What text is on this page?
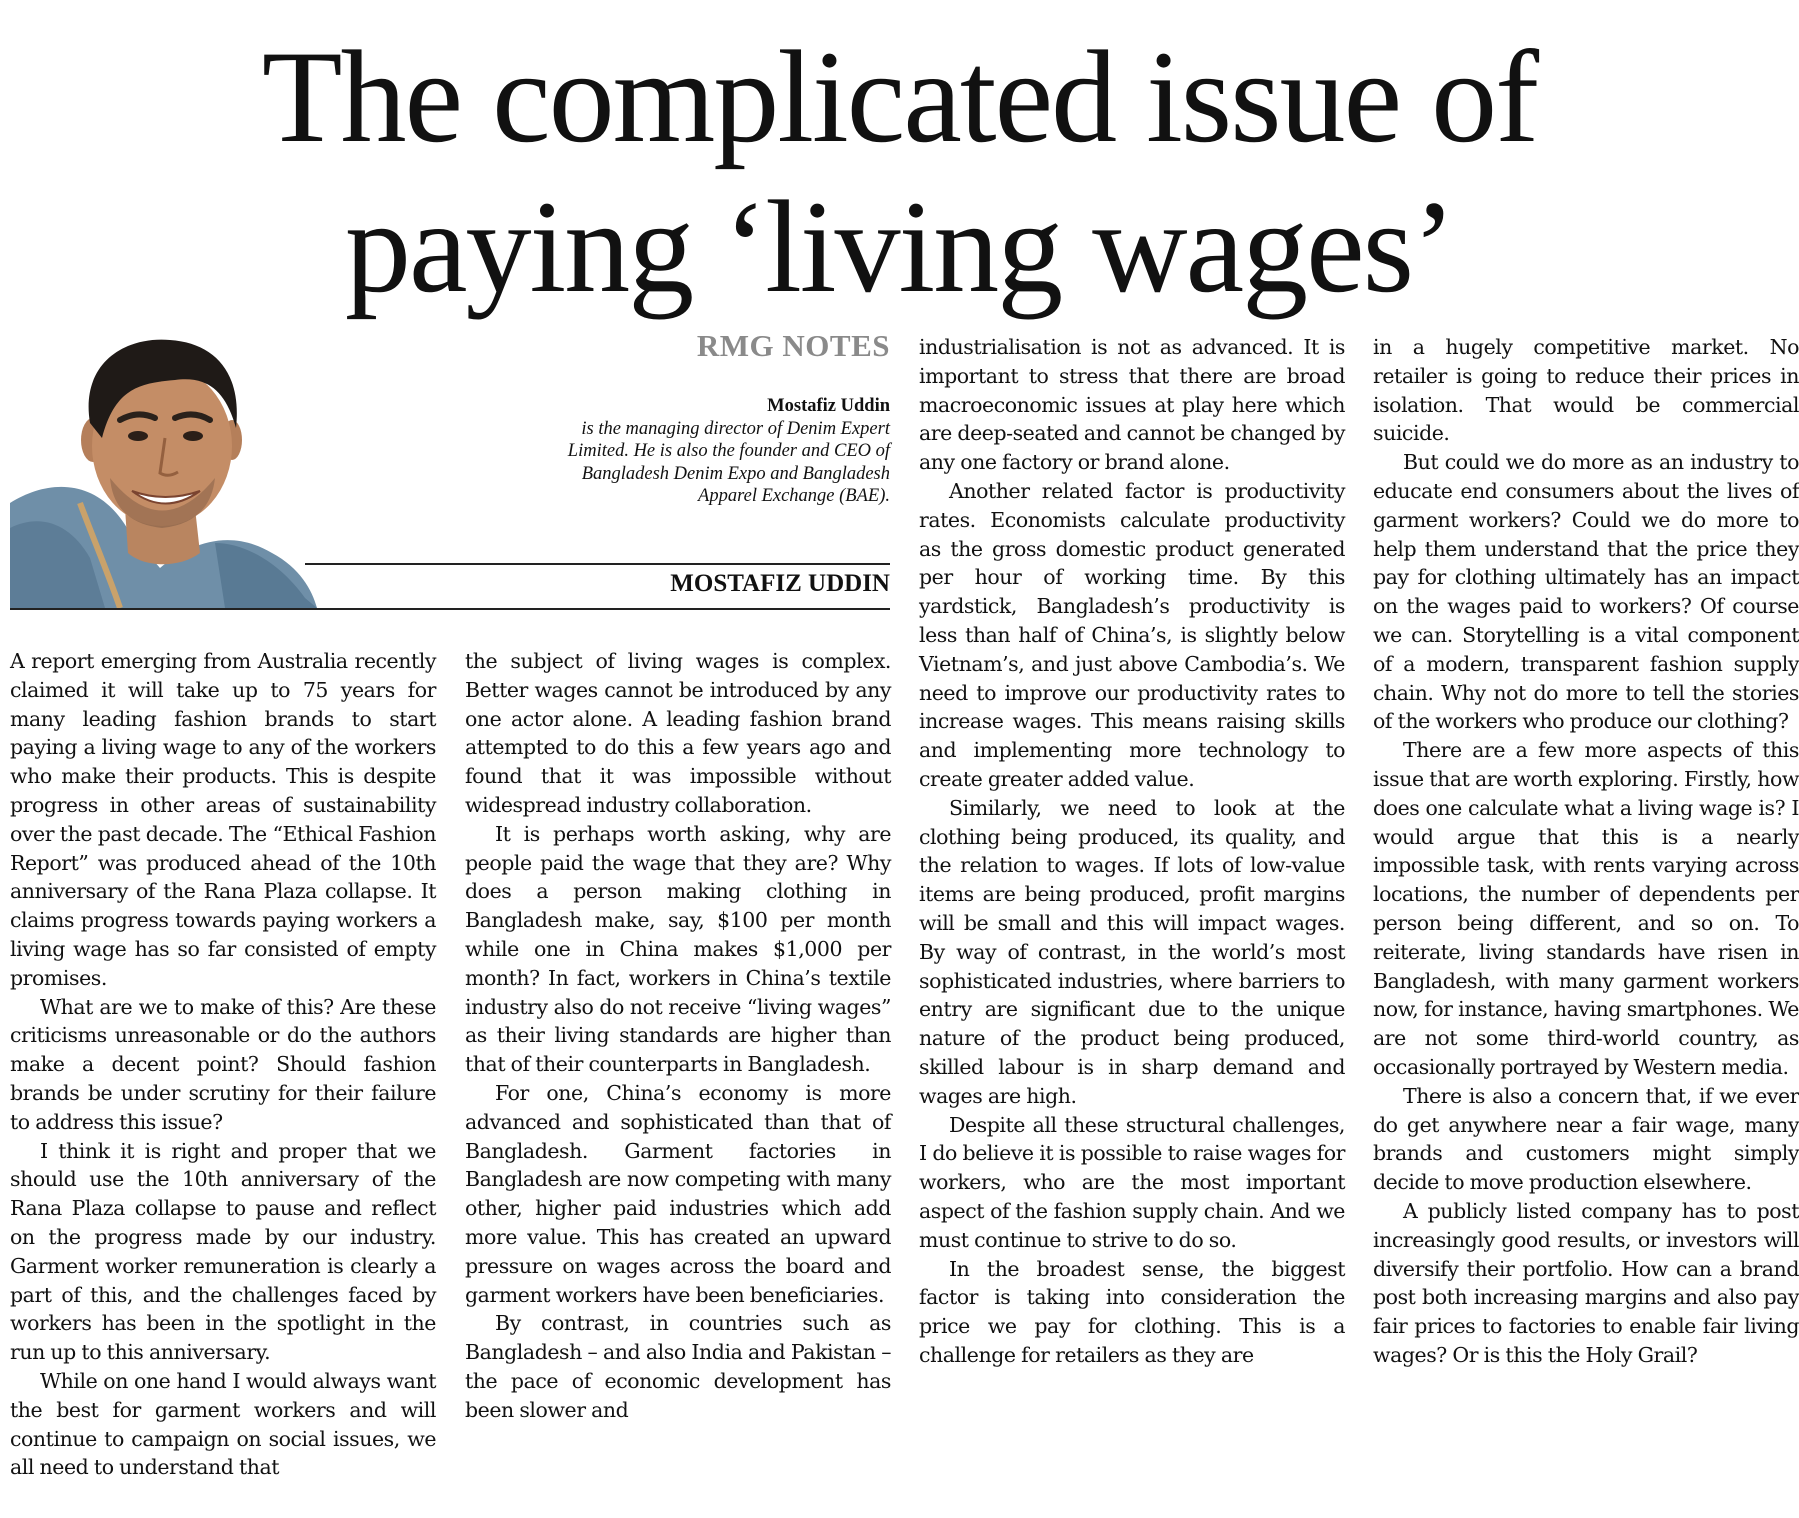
The complicated issue of
paying ‘living wages’
RMG NOTES
Mostafiz Uddin
is the managing director of Denim Expert Limited. He is also the founder and CEO of Bangladesh Denim Expo and Bangladesh Apparel Exchange (BAE).
MOSTAFIZ UDDIN

A report emerging from Australia recently claimed it will take up to 75 years for many leading fashion brands to start paying a living wage to any of the workers who make their products. This is despite progress in other areas of sustainability over the past decade. The “Ethical Fashion Report” was produced ahead of the 10th anniversary of the Rana Plaza collapse. It claims progress towards paying workers a living wage has so far consisted of empty promises.

What are we to make of this? Are these criticisms unreasonable or do the authors make a decent point? Should fashion brands be under scrutiny for their failure to address this issue?

I think it is right and proper that we should use the 10th anniversary of the Rana Plaza collapse to pause and reflect on the progress made by our industry. Garment worker remuneration is clearly a part of this, and the challenges faced by workers has been in the spotlight in the run up to this anniversary.

While on one hand I would always want the best for garment workers and will continue to campaign on social issues, we all need to understand that

the subject of living wages is complex. Better wages cannot be introduced by any one actor alone. A leading fashion brand attempted to do this a few years ago and found that it was impossible without widespread industry collaboration.

It is perhaps worth asking, why are people paid the wage that they are? Why does a person making clothing in Bangladesh make, say, $100 per month while one in China makes $1,000 per month? In fact, workers in China’s textile industry also do not receive “living wages” as their living standards are higher than that of their counterparts in Bangladesh.

For one, China’s economy is more advanced and sophisticated than that of Bangladesh. Garment factories in Bangladesh are now competing with many other, higher paid industries which add more value. This has created an upward pressure on wages across the board and garment workers have been beneficiaries.

By contrast, in countries such as Bangladesh – and also India and Pakistan – the pace of economic development has been slower and

industrialisation is not as advanced. It is important to stress that there are broad macroeconomic issues at play here which are deep-seated and cannot be changed by any one factory or brand alone.

Another related factor is productivity rates. Economists calculate productivity as the gross domestic product generated per hour of working time. By this yardstick, Bangladesh’s productivity is less than half of China’s, is slightly below Vietnam’s, and just above Cambodia’s. We need to improve our productivity rates to increase wages. This means raising skills and implementing more technology to create greater added value.

Similarly, we need to look at the clothing being produced, its quality, and the relation to wages. If lots of low-value items are being produced, profit margins will be small and this will impact wages. By way of contrast, in the world’s most sophisticated industries, where barriers to entry are significant due to the unique nature of the product being produced, skilled labour is in sharp demand and wages are high.

Despite all these structural challenges, I do believe it is possible to raise wages for workers, who are the most important aspect of the fashion supply chain. And we must continue to strive to do so.

In the broadest sense, the biggest factor is taking into consideration the price we pay for clothing. This is a challenge for retailers as they are

in a hugely competitive market. No retailer is going to reduce their prices in isolation. That would be commercial suicide.

But could we do more as an industry to educate end consumers about the lives of garment workers? Could we do more to help them understand that the price they pay for clothing ultimately has an impact on the wages paid to workers? Of course we can. Storytelling is a vital component of a modern, transparent fashion supply chain. Why not do more to tell the stories of the workers who produce our clothing?

There are a few more aspects of this issue that are worth exploring. Firstly, how does one calculate what a living wage is? I would argue that this is a nearly impossible task, with rents varying across locations, the number of dependents per person being different, and so on. To reiterate, living standards have risen in Bangladesh, with many garment workers now, for instance, having smartphones. We are not some third-world country, as occasionally portrayed by Western media.

There is also a concern that, if we ever do get anywhere near a fair wage, many brands and customers might simply decide to move production elsewhere.

A publicly listed company has to post increasingly good results, or investors will diversify their portfolio. How can a brand post both increasing margins and also pay fair prices to factories to enable fair living wages? Or is this the Holy Grail?
